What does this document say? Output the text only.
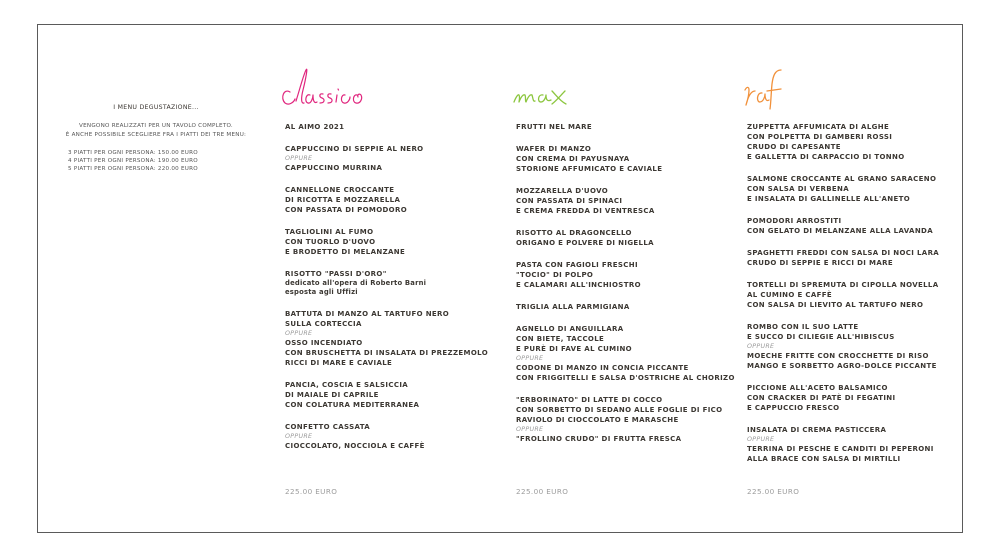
I MENU DEGUSTAZIONE...
VENGONO REALIZZATI PER UN TAVOLO COMPLETO.
È ANCHE POSSIBILE SCEGLIERE FRA I PIATTI DEI TRE MENU:
3 PIATTI PER OGNI PERSONA: 150.00 EURO
4 PIATTI PER OGNI PERSONA: 190.00 EURO
5 PIATTI PER OGNI PERSONA: 220.00 EURO
AL AIMO 2021
CAPPUCCINO DI SEPPIE AL NERO
OPPURE
CAPPUCCINO MURRINA
CANNELLONE CROCCANTE
DI RICOTTA E MOZZARELLA
CON PASSATA DI POMODORO
TAGLIOLINI AL FUMO
CON TUORLO D'UOVO
E BRODETTO DI MELANZANE
RISOTTO "PASSI D'ORO"
dedicato all'opera di Roberto Barni
esposta agli Uffizi
BATTUTA DI MANZO AL TARTUFO NERO
SULLA CORTECCIA
OPPURE
OSSO INCENDIATO
CON BRUSCHETTA DI INSALATA DI PREZZEMOLO
RICCI DI MARE E CAVIALE
PANCIA, COSCIA E SALSICCIA
DI MAIALE DI CAPRILE
CON COLATURA MEDITERRANEA
CONFETTO CASSATA
OPPURE
CIOCCOLATO, NOCCIOLA E CAFFÈ
FRUTTI NEL MARE
WAFER DI MANZO
CON CREMA DI PAYUSNAYA
STORIONE AFFUMICATO E CAVIALE
MOZZARELLA D'UOVO
CON PASSATA DI SPINACI
E CREMA FREDDA DI VENTRESCA
RISOTTO AL DRAGONCELLO
ORIGANO E POLVERE DI NIGELLA
PASTA CON FAGIOLI FRESCHI
"TOCIO" DI POLPO
E CALAMARI ALL'INCHIOSTRO
TRIGLIA ALLA PARMIGIANA
AGNELLO DI ANGUILLARA
CON BIETE, TACCOLE
E PURÈ DI FAVE AL CUMINO
OPPURE
CODONE DI MANZO IN CONCIA PICCANTE
CON FRIGGITELLI E SALSA D'OSTRICHE AL CHORIZO
"ERBORINATO" DI LATTE DI COCCO
CON SORBETTO DI SEDANO ALLE FOGLIE DI FICO
RAVIOLO DI CIOCCOLATO E MARASCHE
OPPURE
"FROLLINO CRUDO" DI FRUTTA FRESCA
ZUPPETTA AFFUMICATA DI ALGHE
CON POLPETTA DI GAMBERI ROSSI
CRUDO DI CAPESANTE
E GALLETTA DI CARPACCIO DI TONNO
SALMONE CROCCANTE AL GRANO SARACENO
CON SALSA DI VERBENA
E INSALATA DI GALLINELLE ALL'ANETO
POMODORI ARROSTITI
CON GELATO DI MELANZANE ALLA LAVANDA
SPAGHETTI FREDDI CON SALSA DI NOCI LARA
CRUDO DI SEPPIE E RICCI DI MARE
TORTELLI DI SPREMUTA DI CIPOLLA NOVELLA
AL CUMINO E CAFFÈ
CON SALSA DI LIEVITO AL TARTUFO NERO
ROMBO CON IL SUO LATTE
E SUCCO DI CILIEGIE ALL'HIBISCUS
OPPURE
MOECHE FRITTE CON CROCCHETTE DI RISO
MANGO E SORBETTO AGRO-DOLCE PICCANTE
PICCIONE ALL'ACETO BALSAMICO
CON CRACKER DI PATÈ DI FEGATINI
E CAPPUCCIO FRESCO
INSALATA DI CREMA PASTICCERA
OPPURE
TERRINA DI PESCHE E CANDITI DI PEPERONI
ALLA BRACE CON SALSA DI MIRTILLI
225.00 EURO	225.00 EURO	225.00 EURO
